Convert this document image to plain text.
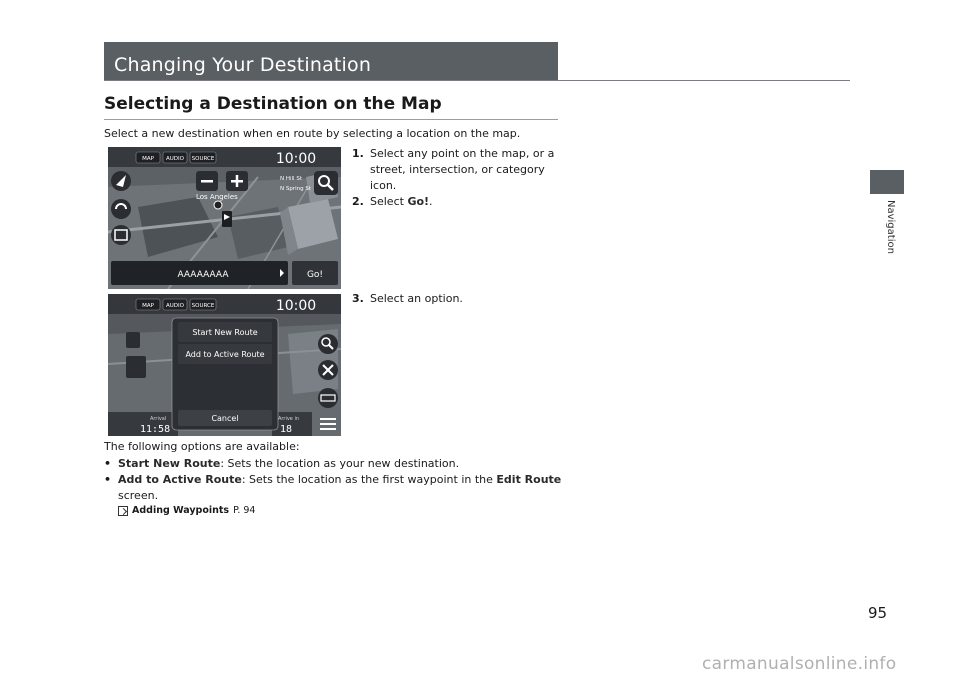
Changing Your Destination
Navigation
Selecting a Destination on the Map
Select a new destination when en route by selecting a location on the map.
MAP AUDIO SOURCE	10:00
Los Angeles
N Hill St
N Spring St
AAAAAAAA	Go!
MAP AUDIO SOURCE	10:00
Arrival
11:58
Arrive in
18
Start New Route
Add to Active Route
Cancel
1. Select any point on the map, or a street, intersection, or category icon.
2. Select Go!.
3. Select an option.
The following options are available:
• Start New Route: Sets the location as your new destination.
• Add to Active Route: Sets the location as the first waypoint in the Edit Route screen.
Adding Waypoints P. 94
95
carmanualsonline.info
